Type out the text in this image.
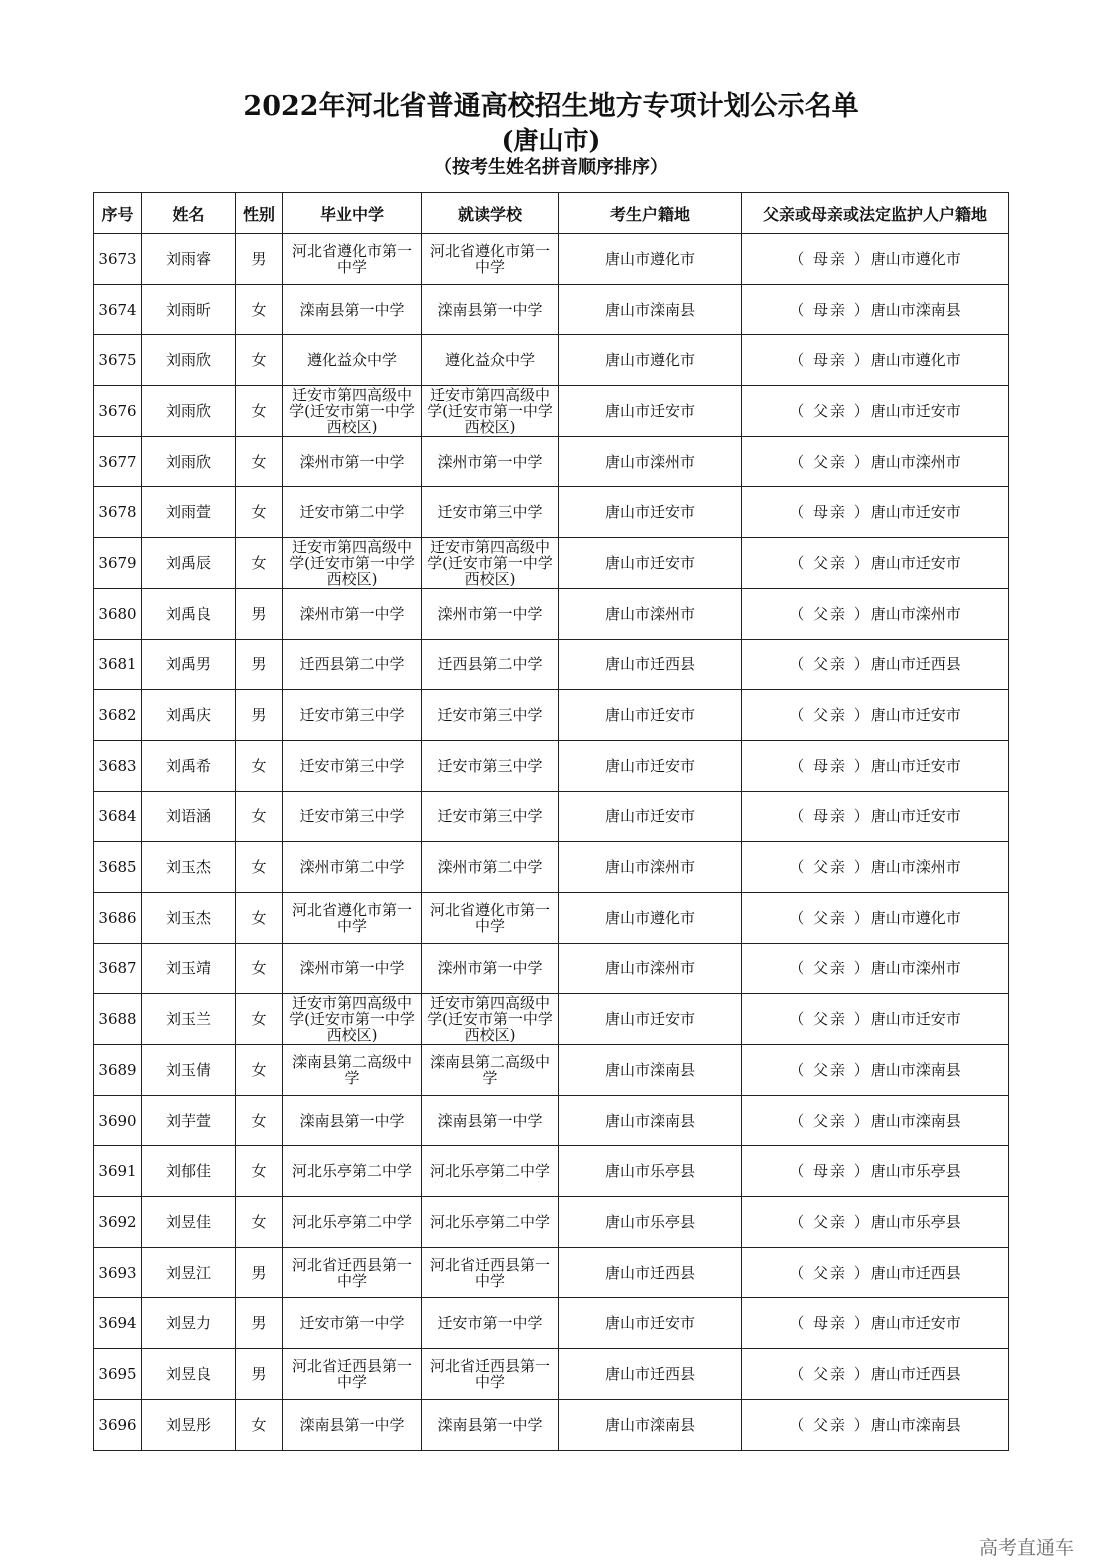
2022年河北省普通高校招生地方专项计划公示名单
(唐山市)
（按考生姓名拼音顺序排序）
序号	姓名	性别	毕业中学	就读学校	考生户籍地	父亲或母亲或法定监护人户籍地
3673	刘雨睿	男	河北省遵化市第一中学	河北省遵化市第一中学	唐山市遵化市	（ 母亲 ）唐山市遵化市
3674	刘雨昕	女	滦南县第一中学	滦南县第一中学	唐山市滦南县	（ 母亲 ）唐山市滦南县
3675	刘雨欣	女	遵化益众中学	遵化益众中学	唐山市遵化市	（ 母亲 ）唐山市遵化市
3676	刘雨欣	女	迁安市第四高级中学(迁安市第一中学西校区)	迁安市第四高级中学(迁安市第一中学西校区)	唐山市迁安市	（ 父亲 ）唐山市迁安市
3677	刘雨欣	女	滦州市第一中学	滦州市第一中学	唐山市滦州市	（ 父亲 ）唐山市滦州市
3678	刘雨萱	女	迁安市第二中学	迁安市第三中学	唐山市迁安市	（ 母亲 ）唐山市迁安市
3679	刘禹辰	女	迁安市第四高级中学(迁安市第一中学西校区)	迁安市第四高级中学(迁安市第一中学西校区)	唐山市迁安市	（ 父亲 ）唐山市迁安市
3680	刘禹良	男	滦州市第一中学	滦州市第一中学	唐山市滦州市	（ 父亲 ）唐山市滦州市
3681	刘禹男	男	迁西县第二中学	迁西县第二中学	唐山市迁西县	（ 父亲 ）唐山市迁西县
3682	刘禹庆	男	迁安市第三中学	迁安市第三中学	唐山市迁安市	（ 父亲 ）唐山市迁安市
3683	刘禹希	女	迁安市第三中学	迁安市第三中学	唐山市迁安市	（ 母亲 ）唐山市迁安市
3684	刘语涵	女	迁安市第三中学	迁安市第三中学	唐山市迁安市	（ 母亲 ）唐山市迁安市
3685	刘玉杰	女	滦州市第二中学	滦州市第二中学	唐山市滦州市	（ 父亲 ）唐山市滦州市
3686	刘玉杰	女	河北省遵化市第一中学	河北省遵化市第一中学	唐山市遵化市	（ 父亲 ）唐山市遵化市
3687	刘玉靖	女	滦州市第一中学	滦州市第一中学	唐山市滦州市	（ 父亲 ）唐山市滦州市
3688	刘玉兰	女	迁安市第四高级中学(迁安市第一中学西校区)	迁安市第四高级中学(迁安市第一中学西校区)	唐山市迁安市	（ 父亲 ）唐山市迁安市
3689	刘玉倩	女	滦南县第二高级中学	滦南县第二高级中学	唐山市滦南县	（ 父亲 ）唐山市滦南县
3690	刘芋萱	女	滦南县第一中学	滦南县第一中学	唐山市滦南县	（ 父亲 ）唐山市滦南县
3691	刘郁佳	女	河北乐亭第二中学	河北乐亭第二中学	唐山市乐亭县	（ 母亲 ）唐山市乐亭县
3692	刘昱佳	女	河北乐亭第二中学	河北乐亭第二中学	唐山市乐亭县	（ 父亲 ）唐山市乐亭县
3693	刘昱江	男	河北省迁西县第一中学	河北省迁西县第一中学	唐山市迁西县	（ 父亲 ）唐山市迁西县
3694	刘昱力	男	迁安市第一中学	迁安市第一中学	唐山市迁安市	（ 母亲 ）唐山市迁安市
3695	刘昱良	男	河北省迁西县第一中学	河北省迁西县第一中学	唐山市迁西县	（ 父亲 ）唐山市迁西县
3696	刘昱彤	女	滦南县第一中学	滦南县第一中学	唐山市滦南县	（ 父亲 ）唐山市滦南县
高考直通车
